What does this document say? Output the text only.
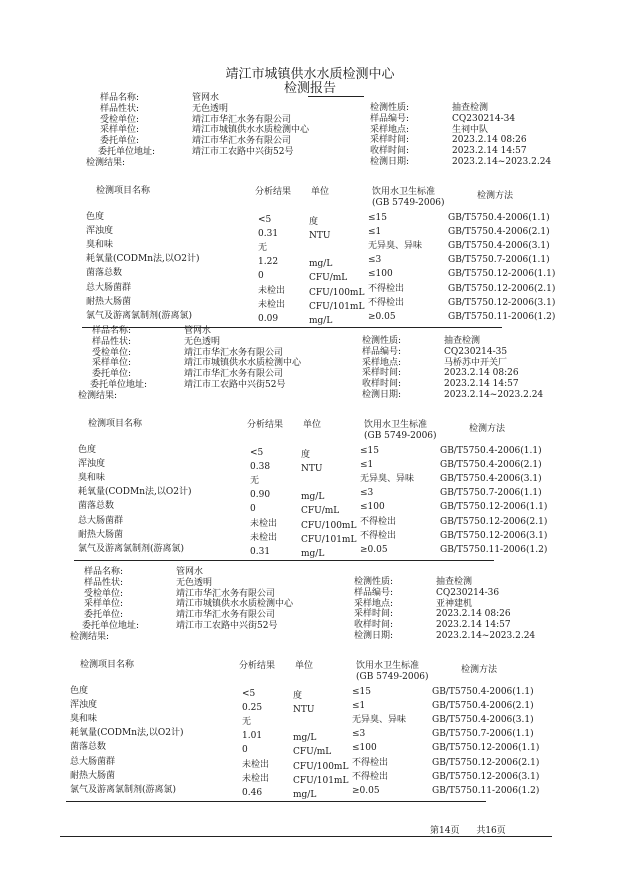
靖江市城镇供水水质检测中心
检测报告
样品名称:	管网水
样品性状:	无色透明
受检单位:	靖江市华汇水务有限公司
采样单位:	靖江市城镇供水水质检测中心
委托单位:	靖江市华汇水务有限公司
委托单位地址:	靖江市工农路中兴街52号
检测结果:
检测性质:	抽查检测
样品编号:	CQ230214-34
采样地点:	生祠中队
采样时间:	2023.2.14 08:26
收样时间:	2023.2.14 14:57
检测日期:	2023.2.14~2023.2.24
检测项目名称	分析结果 单位	饮用水卫生标准
(GB 5749-2006)
检测方法
色度	<5	度	≤15	GB/T5750.4-2006(1.1)
浑浊度	0.31	NTU	≤1	GB/T5750.4-2006(2.1)
臭和味	无	无异臭、异味	GB/T5750.4-2006(3.1)
耗氧量(CODMn法,以O2计)	1.22	mg/L	≤3	GB/T5750.7-2006(1.1)
菌落总数	0	CFU/mL ≤100	GB/T5750.12-2006(1.1)
总大肠菌群	未检出	CFU/100mL 不得检出	GB/T5750.12-2006(2.1)
耐热大肠菌	未检出	CFU/101mL 不得检出	GB/T5750.12-2006(3.1)
氯气及游离氯制剂(游离氯)	0.09	mg/L	≥0.05	GB/T5750.11-2006(1.2)
样品名称:	管网水
样品性状:	无色透明
受检单位:	靖江市华汇水务有限公司
采样单位:	靖江市城镇供水水质检测中心
委托单位:	靖江市华汇水务有限公司
委托单位地址:	靖江市工农路中兴街52号
检测结果:
检测性质:	抽查检测
样品编号:	CQ230214-35
采样地点:	马桥苏中开关厂
采样时间:	2023.2.14 08:26
收样时间:	2023.2.14 14:57
检测日期:	2023.2.14~2023.2.24
检测项目名称	分析结果 单位	饮用水卫生标准
(GB 5749-2006)
检测方法
色度	<5	度	≤15	GB/T5750.4-2006(1.1)
浑浊度	0.38	NTU	≤1	GB/T5750.4-2006(2.1)
臭和味	无	无异臭、异味	GB/T5750.4-2006(3.1)
耗氧量(CODMn法,以O2计)	0.90	mg/L	≤3	GB/T5750.7-2006(1.1)
菌落总数	0	CFU/mL ≤100	GB/T5750.12-2006(1.1)
总大肠菌群	未检出	CFU/100mL 不得检出	GB/T5750.12-2006(2.1)
耐热大肠菌	未检出	CFU/101mL 不得检出	GB/T5750.12-2006(3.1)
氯气及游离氯制剂(游离氯)	0.31	mg/L	≥0.05	GB/T5750.11-2006(1.2)
样品名称:	管网水
样品性状:	无色透明
受检单位:	靖江市华汇水务有限公司
采样单位:	靖江市城镇供水水质检测中心
委托单位:	靖江市华汇水务有限公司
委托单位地址:	靖江市工农路中兴街52号
检测结果:
检测性质:	抽查检测
样品编号:	CQ230214-36
采样地点:	亚神建机
采样时间:	2023.2.14 08:26
收样时间:	2023.2.14 14:57
检测日期:	2023.2.14~2023.2.24
检测项目名称	分析结果 单位	饮用水卫生标准
(GB 5749-2006)
检测方法
色度	<5	度	≤15	GB/T5750.4-2006(1.1)
浑浊度	0.25	NTU	≤1	GB/T5750.4-2006(2.1)
臭和味	无	无异臭、异味	GB/T5750.4-2006(3.1)
耗氧量(CODMn法,以O2计)	1.01	mg/L	≤3	GB/T5750.7-2006(1.1)
菌落总数	0	CFU/mL ≤100	GB/T5750.12-2006(1.1)
总大肠菌群	未检出	CFU/100mL 不得检出	GB/T5750.12-2006(2.1)
耐热大肠菌	未检出	CFU/101mL 不得检出	GB/T5750.12-2006(3.1)
氯气及游离氯制剂(游离氯)	0.46	mg/L	≥0.05	GB/T5750.11-2006(1.2)
第14页 共16页
